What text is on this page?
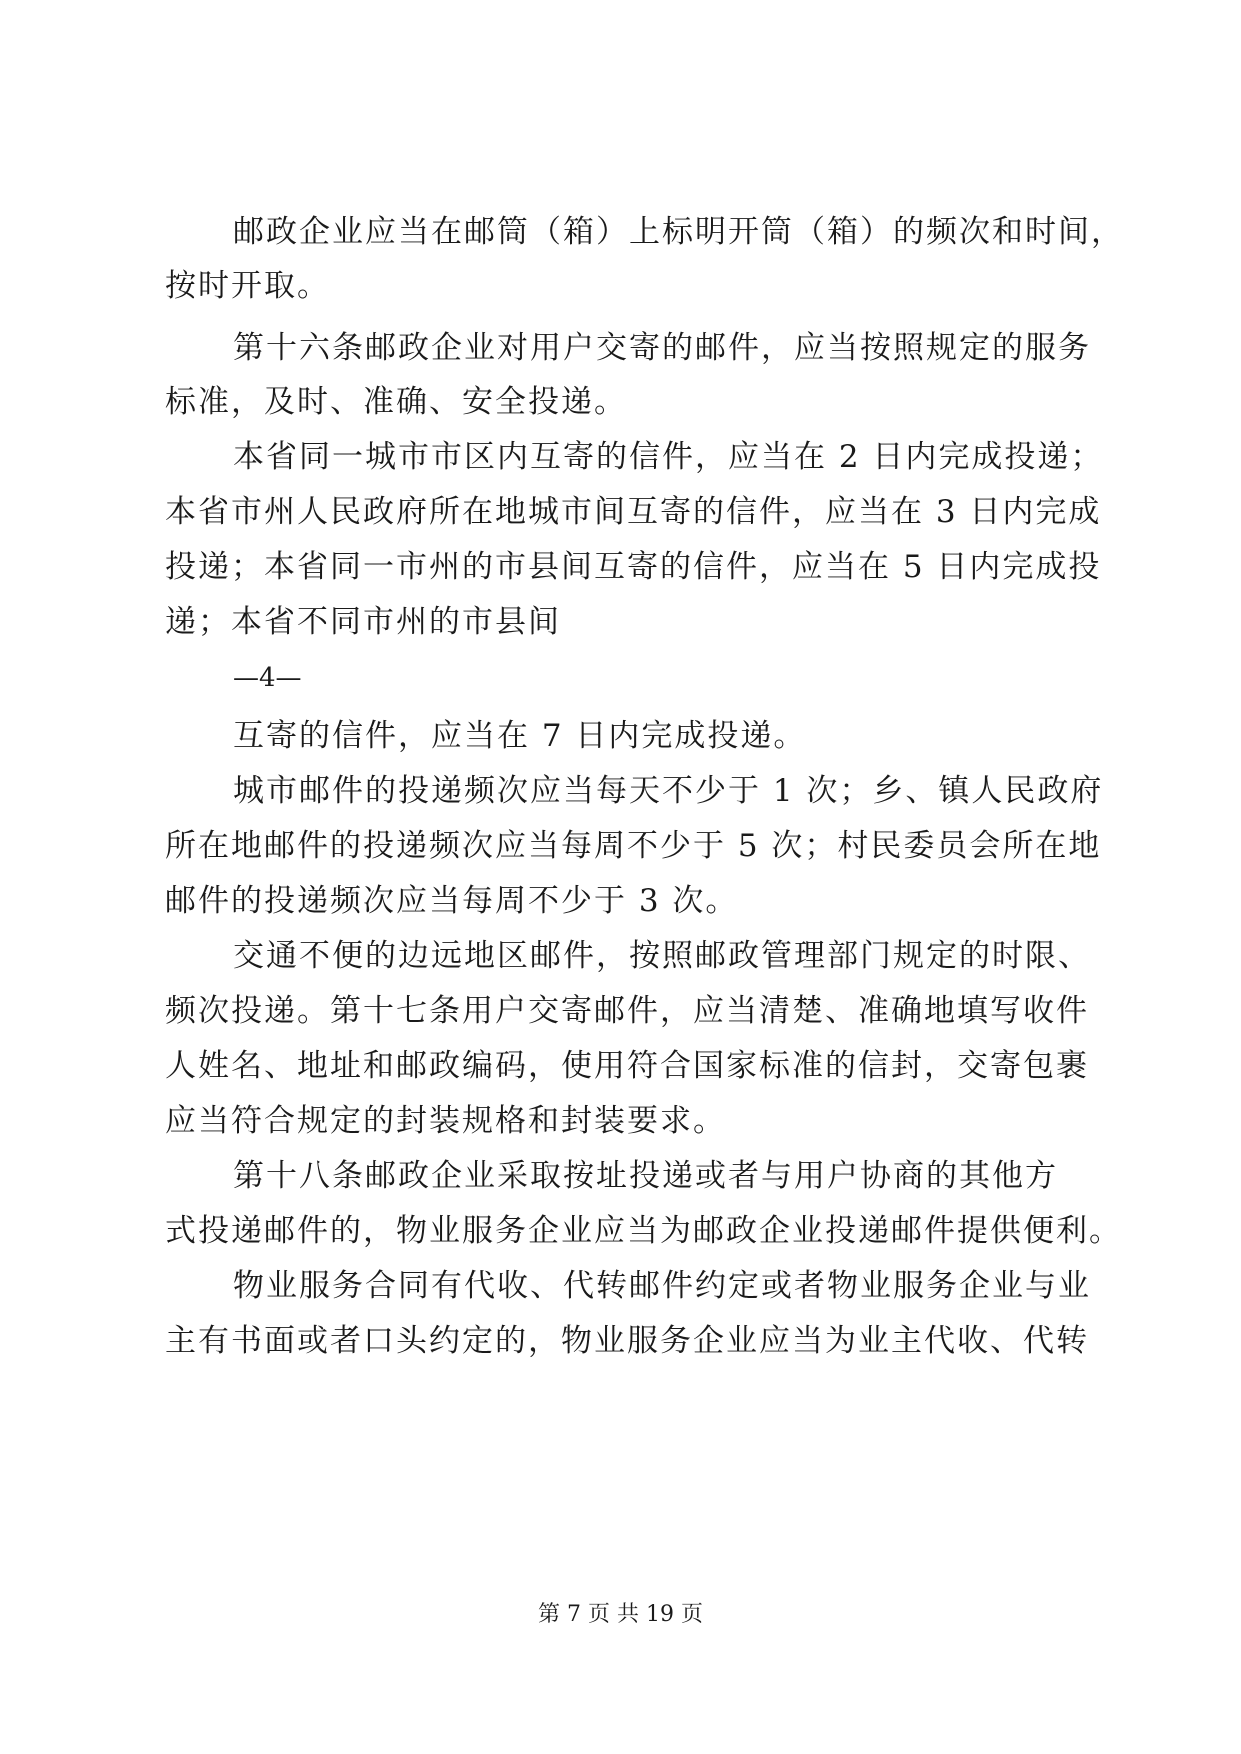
邮政企业应当在邮筒（箱）上标明开筒（箱）的频次和时间，
按时开取。
第十六条邮政企业对用户交寄的邮件，应当按照规定的服务
标准，及时、准确、安全投递。
本省同一城市市区内互寄的信件，应当在 2 日内完成投递；
本省市州人民政府所在地城市间互寄的信件，应当在 3 日内完成
投递；本省同一市州的市县间互寄的信件，应当在 5 日内完成投
递；本省不同市州的市县间
—4—
互寄的信件，应当在 7 日内完成投递。
城市邮件的投递频次应当每天不少于 1 次；乡、镇人民政府
所在地邮件的投递频次应当每周不少于 5 次；村民委员会所在地
邮件的投递频次应当每周不少于 3 次。
交通不便的边远地区邮件，按照邮政管理部门规定的时限、
频次投递。第十七条用户交寄邮件，应当清楚、准确地填写收件
人姓名、地址和邮政编码，使用符合国家标准的信封，交寄包裹
应当符合规定的封装规格和封装要求。
第十八条邮政企业采取按址投递或者与用户协商的其他方
式投递邮件的，物业服务企业应当为邮政企业投递邮件提供便利。
物业服务合同有代收、代转邮件约定或者物业服务企业与业
主有书面或者口头约定的，物业服务企业应当为业主代收、代转
第 7 页 共 19 页
